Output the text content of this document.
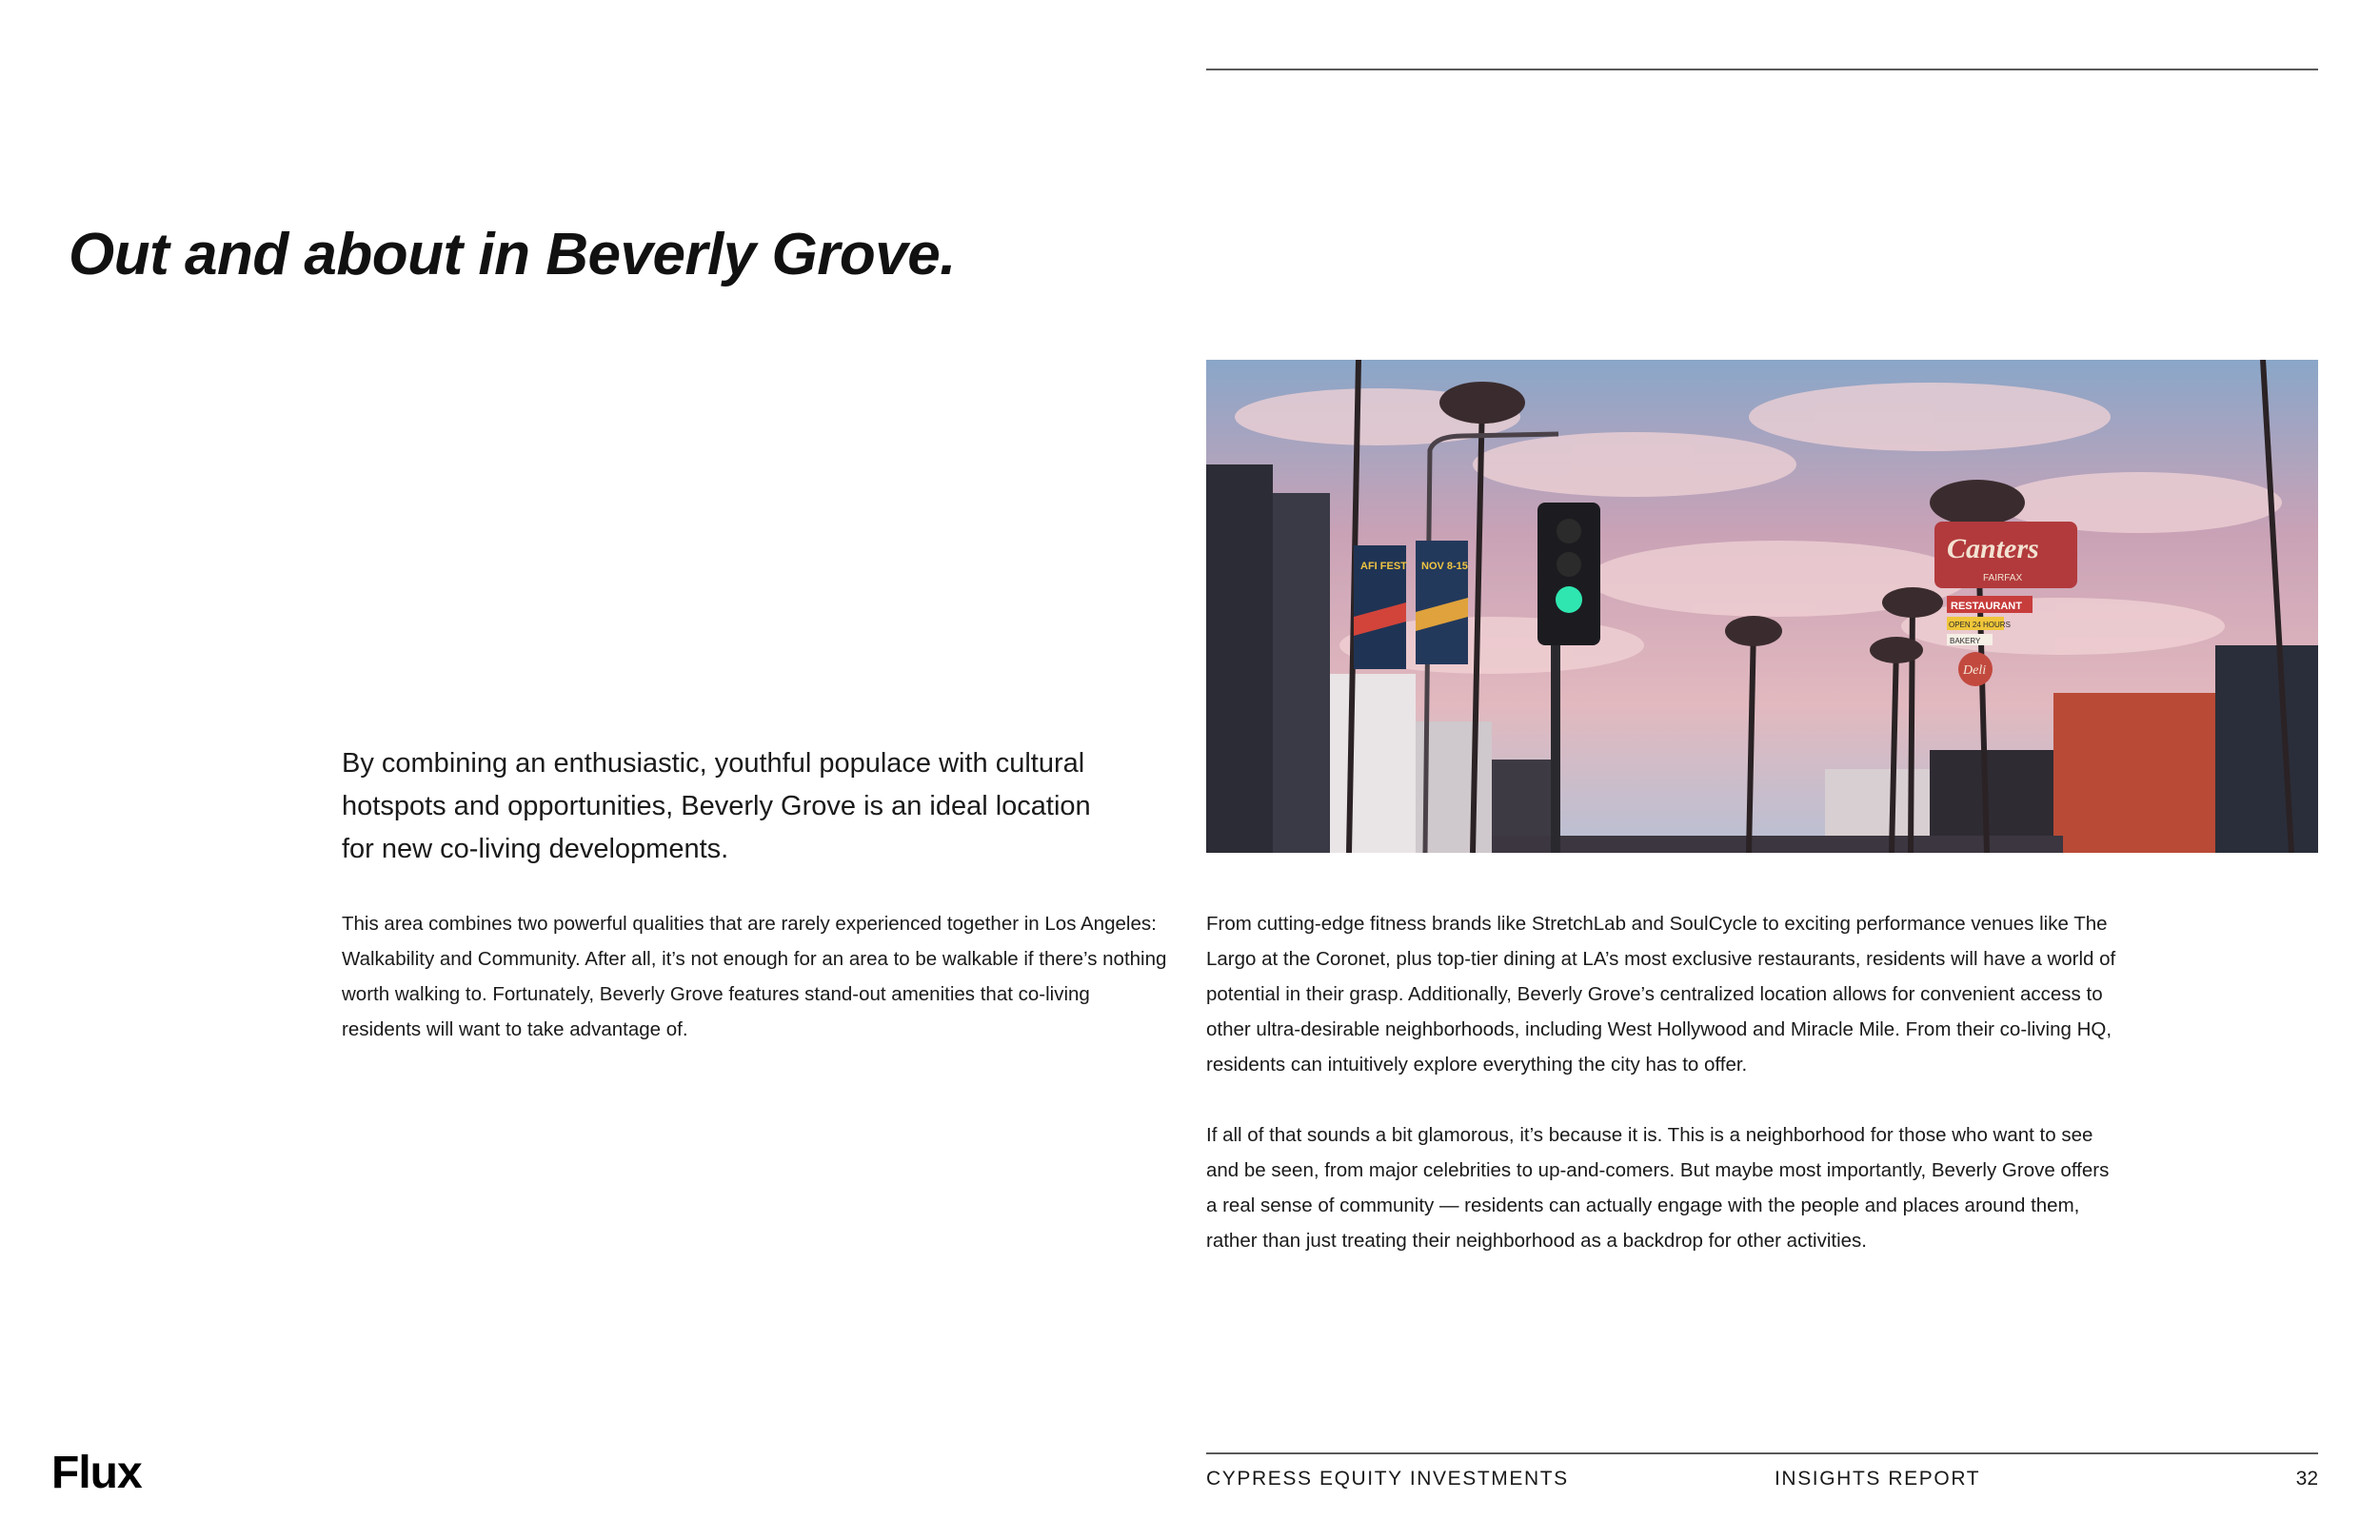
Out and about in Beverly Grove.

By combining an enthusiastic, youthful populace with cultural hotspots and opportunities, Beverly Grove is an ideal location for new co-living developments.

This area combines two powerful qualities that are rarely experienced together in Los Angeles: Walkability and Community. After all, it’s not enough for an area to be walkable if there’s nothing worth walking to. Fortunately, Beverly Grove features stand-out amenities that co-living residents will want to take advantage of.

AFI FEST NOV 8-15
Canters
FAIRFAX
RESTAURANT
OPEN 24 HOURS
BAKERY
Deli

From cutting-edge fitness brands like StretchLab and SoulCycle to exciting performance venues like The Largo at the Coronet, plus top-tier dining at LA’s most exclusive restaurants, residents will have a world of potential in their grasp. Additionally, Beverly Grove’s centralized location allows for convenient access to other ultra-desirable neighborhoods, including West Hollywood and Miracle Mile. From their co-living HQ, residents can intuitively explore everything the city has to offer.

If all of that sounds a bit glamorous, it’s because it is. This is a neighborhood for those who want to see and be seen, from major celebrities to up-and-comers. But maybe most importantly, Beverly Grove offers a real sense of community — residents can actually engage with the people and places around them, rather than just treating their neighborhood as a backdrop for other activities.

Flux	CYPRESS EQUITY INVESTMENTS	INSIGHTS REPORT	32
